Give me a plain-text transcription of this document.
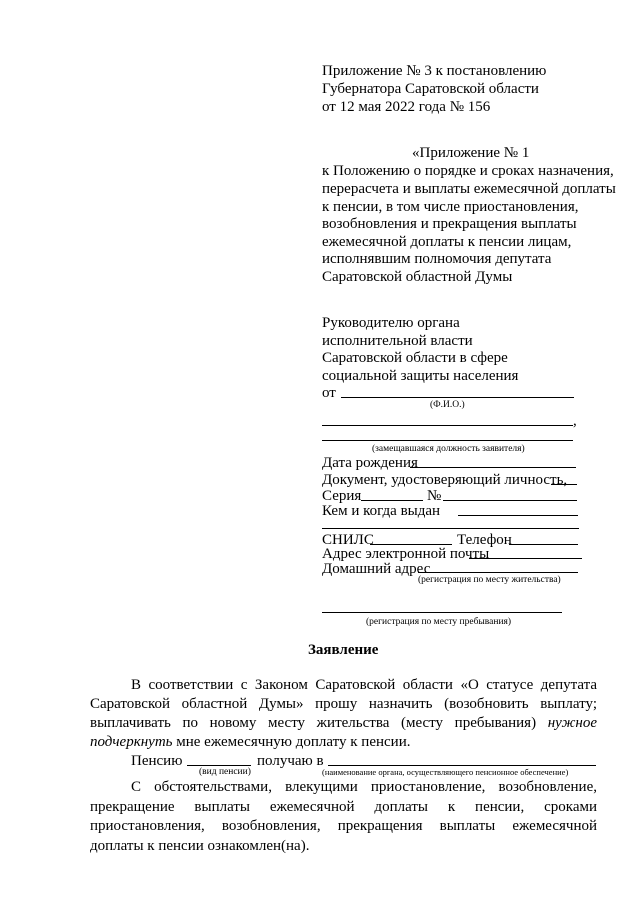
Приложение № 3 к постановлению
Губернатора Саратовской области
от 12 мая 2022 года № 156
«Приложение № 1
к Положению о порядке и сроках назначения,
перерасчета и выплаты ежемесячной доплаты
к пенсии, в том числе приостановления,
возобновления и прекращения выплаты
ежемесячной доплаты к пенсии лицам,
исполнявшим полномочия депутата
Саратовской областной Думы
Руководителю органа
исполнительной власти
Саратовской области в сфере
социальной защиты населения
от
(Ф.И.О.)
,
(замещавшаяся должность заявителя)
Дата рождения
Документ, удостоверяющий личность,
Серия	№
Кем и когда выдан
СНИЛС	Телефон
Адрес электронной почты
Домашний адрес
(регистрация по месту жительства)
(регистрация по месту пребывания)
Заявление
В соответствии с Законом Саратовской области «О статусе депутата
Саратовской областной Думы» прошу назначить (возобновить выплату;
выплачивать по новому месту жительства (месту пребывания) нужное
подчеркнуть мне ежемесячную доплату к пенсии.
Пенсию	получаю в
(вид пенсии)	(наименование органа, осуществляющего пенсионное обеспечение)
С обстоятельствами, влекущими приостановление, возобновление, прекращение выплаты ежемесячной доплаты к пенсии, сроками приостановления, возобновления, прекращения выплаты ежемесячной доплаты к пенсии ознакомлен(на).
